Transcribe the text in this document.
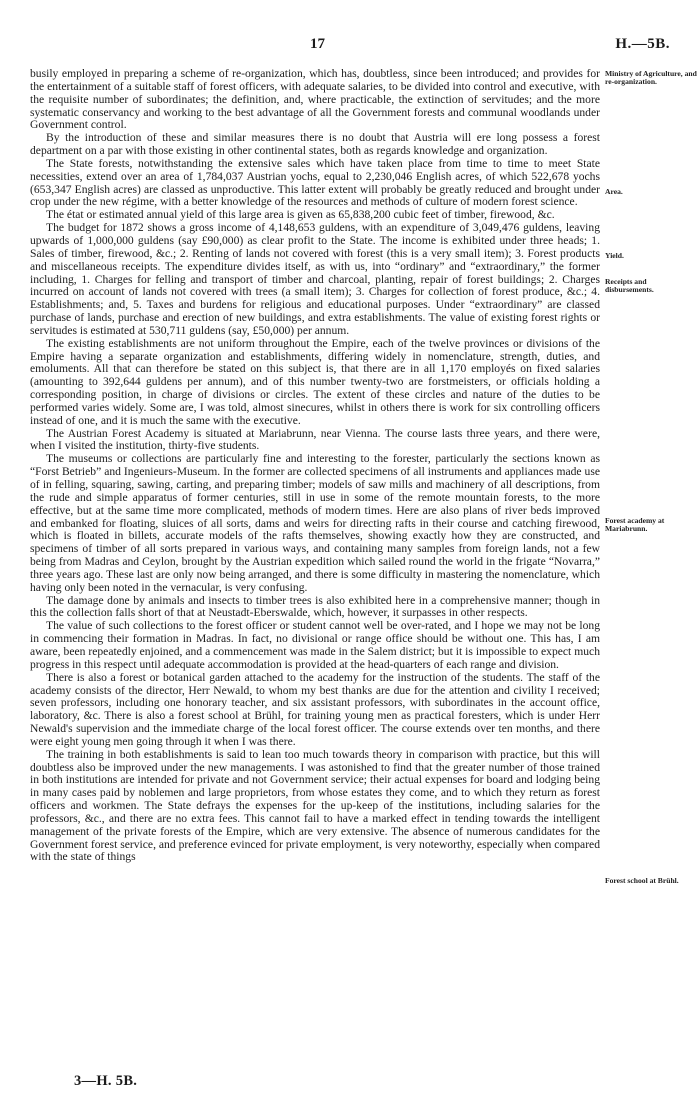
17	H.—5B.

busily employed in preparing a scheme of re-organization, which has, doubtless, since been introduced; and provides for the entertainment of a suitable staff of forest officers, with adequate salaries, to be divided into control and executive, with the requisite number of subordinates; the definition, and, where practicable, the extinction of servitudes; and the more systematic conservancy and working to the best advantage of all the Government forests and communal woodlands under Government control.

By the introduction of these and similar measures there is no doubt that Austria will ere long possess a forest department on a par with those existing in other continental states, both as regards knowledge and organization.

The State forests, notwithstanding the extensive sales which have taken place from time to time to meet State necessities, extend over an area of 1,784,037 Austrian yochs, equal to 2,230,046 English acres, of which 522,678 yochs (653,347 English acres) are classed as unproductive. This latter extent will probably be greatly reduced and brought under crop under the new régime, with a better knowledge of the resources and methods of culture of modern forest science.

The état or estimated annual yield of this large area is given as 65,838,200 cubic feet of timber, firewood, &c.

The budget for 1872 shows a gross income of 4,148,653 guldens, with an expenditure of 3,049,476 guldens, leaving upwards of 1,000,000 guldens (say £90,000) as clear profit to the State. The income is exhibited under three heads; 1. Sales of timber, firewood, &c.; 2. Renting of lands not covered with forest (this is a very small item); 3. Forest products and miscellaneous receipts. The expenditure divides itself, as with us, into “ordinary” and “extraordinary,” the former including, 1. Charges for felling and transport of timber and charcoal, planting, repair of forest buildings; 2. Charges incurred on account of lands not covered with trees (a small item); 3. Charges for collection of forest produce, &c.; 4. Establishments; and, 5. Taxes and burdens for religious and educational purposes. Under “extraordinary” are classed purchase of lands, purchase and erection of new buildings, and extra establishments. The value of existing forest rights or servitudes is estimated at 530,711 guldens (say, £50,000) per annum.

The existing establishments are not uniform throughout the Empire, each of the twelve provinces or divisions of the Empire having a separate organization and establishments, differing widely in nomenclature, strength, duties, and emoluments. All that can therefore be stated on this subject is, that there are in all 1,170 employés on fixed salaries (amounting to 392,644 guldens per annum), and of this number twenty-two are forstmeisters, or officials holding a corresponding position, in charge of divisions or circles. The extent of these circles and nature of the duties to be performed varies widely. Some are, I was told, almost sinecures, whilst in others there is work for six controlling officers instead of one, and it is much the same with the executive.

The Austrian Forest Academy is situated at Mariabrunn, near Vienna. The course lasts three years, and there were, when I visited the institution, thirty-five students.

The museums or collections are particularly fine and interesting to the forester, particularly the sections known as “Forst Betrieb” and Ingenieurs-Museum. In the former are collected specimens of all instruments and appliances made use of in felling, squaring, sawing, carting, and preparing timber; models of saw mills and machinery of all descriptions, from the rude and simple apparatus of former centuries, still in use in some of the remote mountain forests, to the more effective, but at the same time more complicated, methods of modern times. Here are also plans of river beds improved and embanked for floating, sluices of all sorts, dams and weirs for directing rafts in their course and catching firewood, which is floated in billets, accurate models of the rafts themselves, showing exactly how they are constructed, and specimens of timber of all sorts prepared in various ways, and containing many samples from foreign lands, not a few being from Madras and Ceylon, brought by the Austrian expedition which sailed round the world in the frigate “Novarra,” three years ago. These last are only now being arranged, and there is some difficulty in mastering the nomenclature, which having only been noted in the vernacular, is very confusing.

The damage done by animals and insects to timber trees is also exhibited here in a comprehensive manner; though in this the collection falls short of that at Neustadt-Eberswalde, which, however, it surpasses in other respects.

The value of such collections to the forest officer or student cannot well be over-rated, and I hope we may not be long in commencing their formation in Madras. In fact, no divisional or range office should be without one. This has, I am aware, been repeatedly enjoined, and a commencement was made in the Salem district; but it is impossible to expect much progress in this respect until adequate accommodation is provided at the head-quarters of each range and division.

There is also a forest or botanical garden attached to the academy for the instruction of the students. The staff of the academy consists of the director, Herr Newald, to whom my best thanks are due for the attention and civility I received; seven professors, including one honorary teacher, and six assistant professors, with subordinates in the account office, laboratory, &c. There is also a forest school at Brühl, for training young men as practical foresters, which is under Herr Newald's supervision and the immediate charge of the local forest officer. The course extends over ten months, and there were eight young men going through it when I was there.

The training in both establishments is said to lean too much towards theory in comparison with practice, but this will doubtless also be improved under the new managements. I was astonished to find that the greater number of those trained in both institutions are intended for private and not Government service; their actual expenses for board and lodging being in many cases paid by noblemen and large proprietors, from whose estates they come, and to which they return as forest officers and workmen. The State defrays the expenses for the up-keep of the institutions, including salaries for the professors, &c., and there are no extra fees. This cannot fail to have a marked effect in tending towards the intelligent management of the private forests of the Empire, which are very extensive. The absence of numerous candidates for the Government forest service, and preference evinced for private employment, is very noteworthy, especially when compared with the state of things

Ministry of Agriculture, and re-organization.
Area.
Yield.
Receipts and disbursements.
Forest academy at Mariabrunn.
Forest school at Brühl.
3—H. 5B.
